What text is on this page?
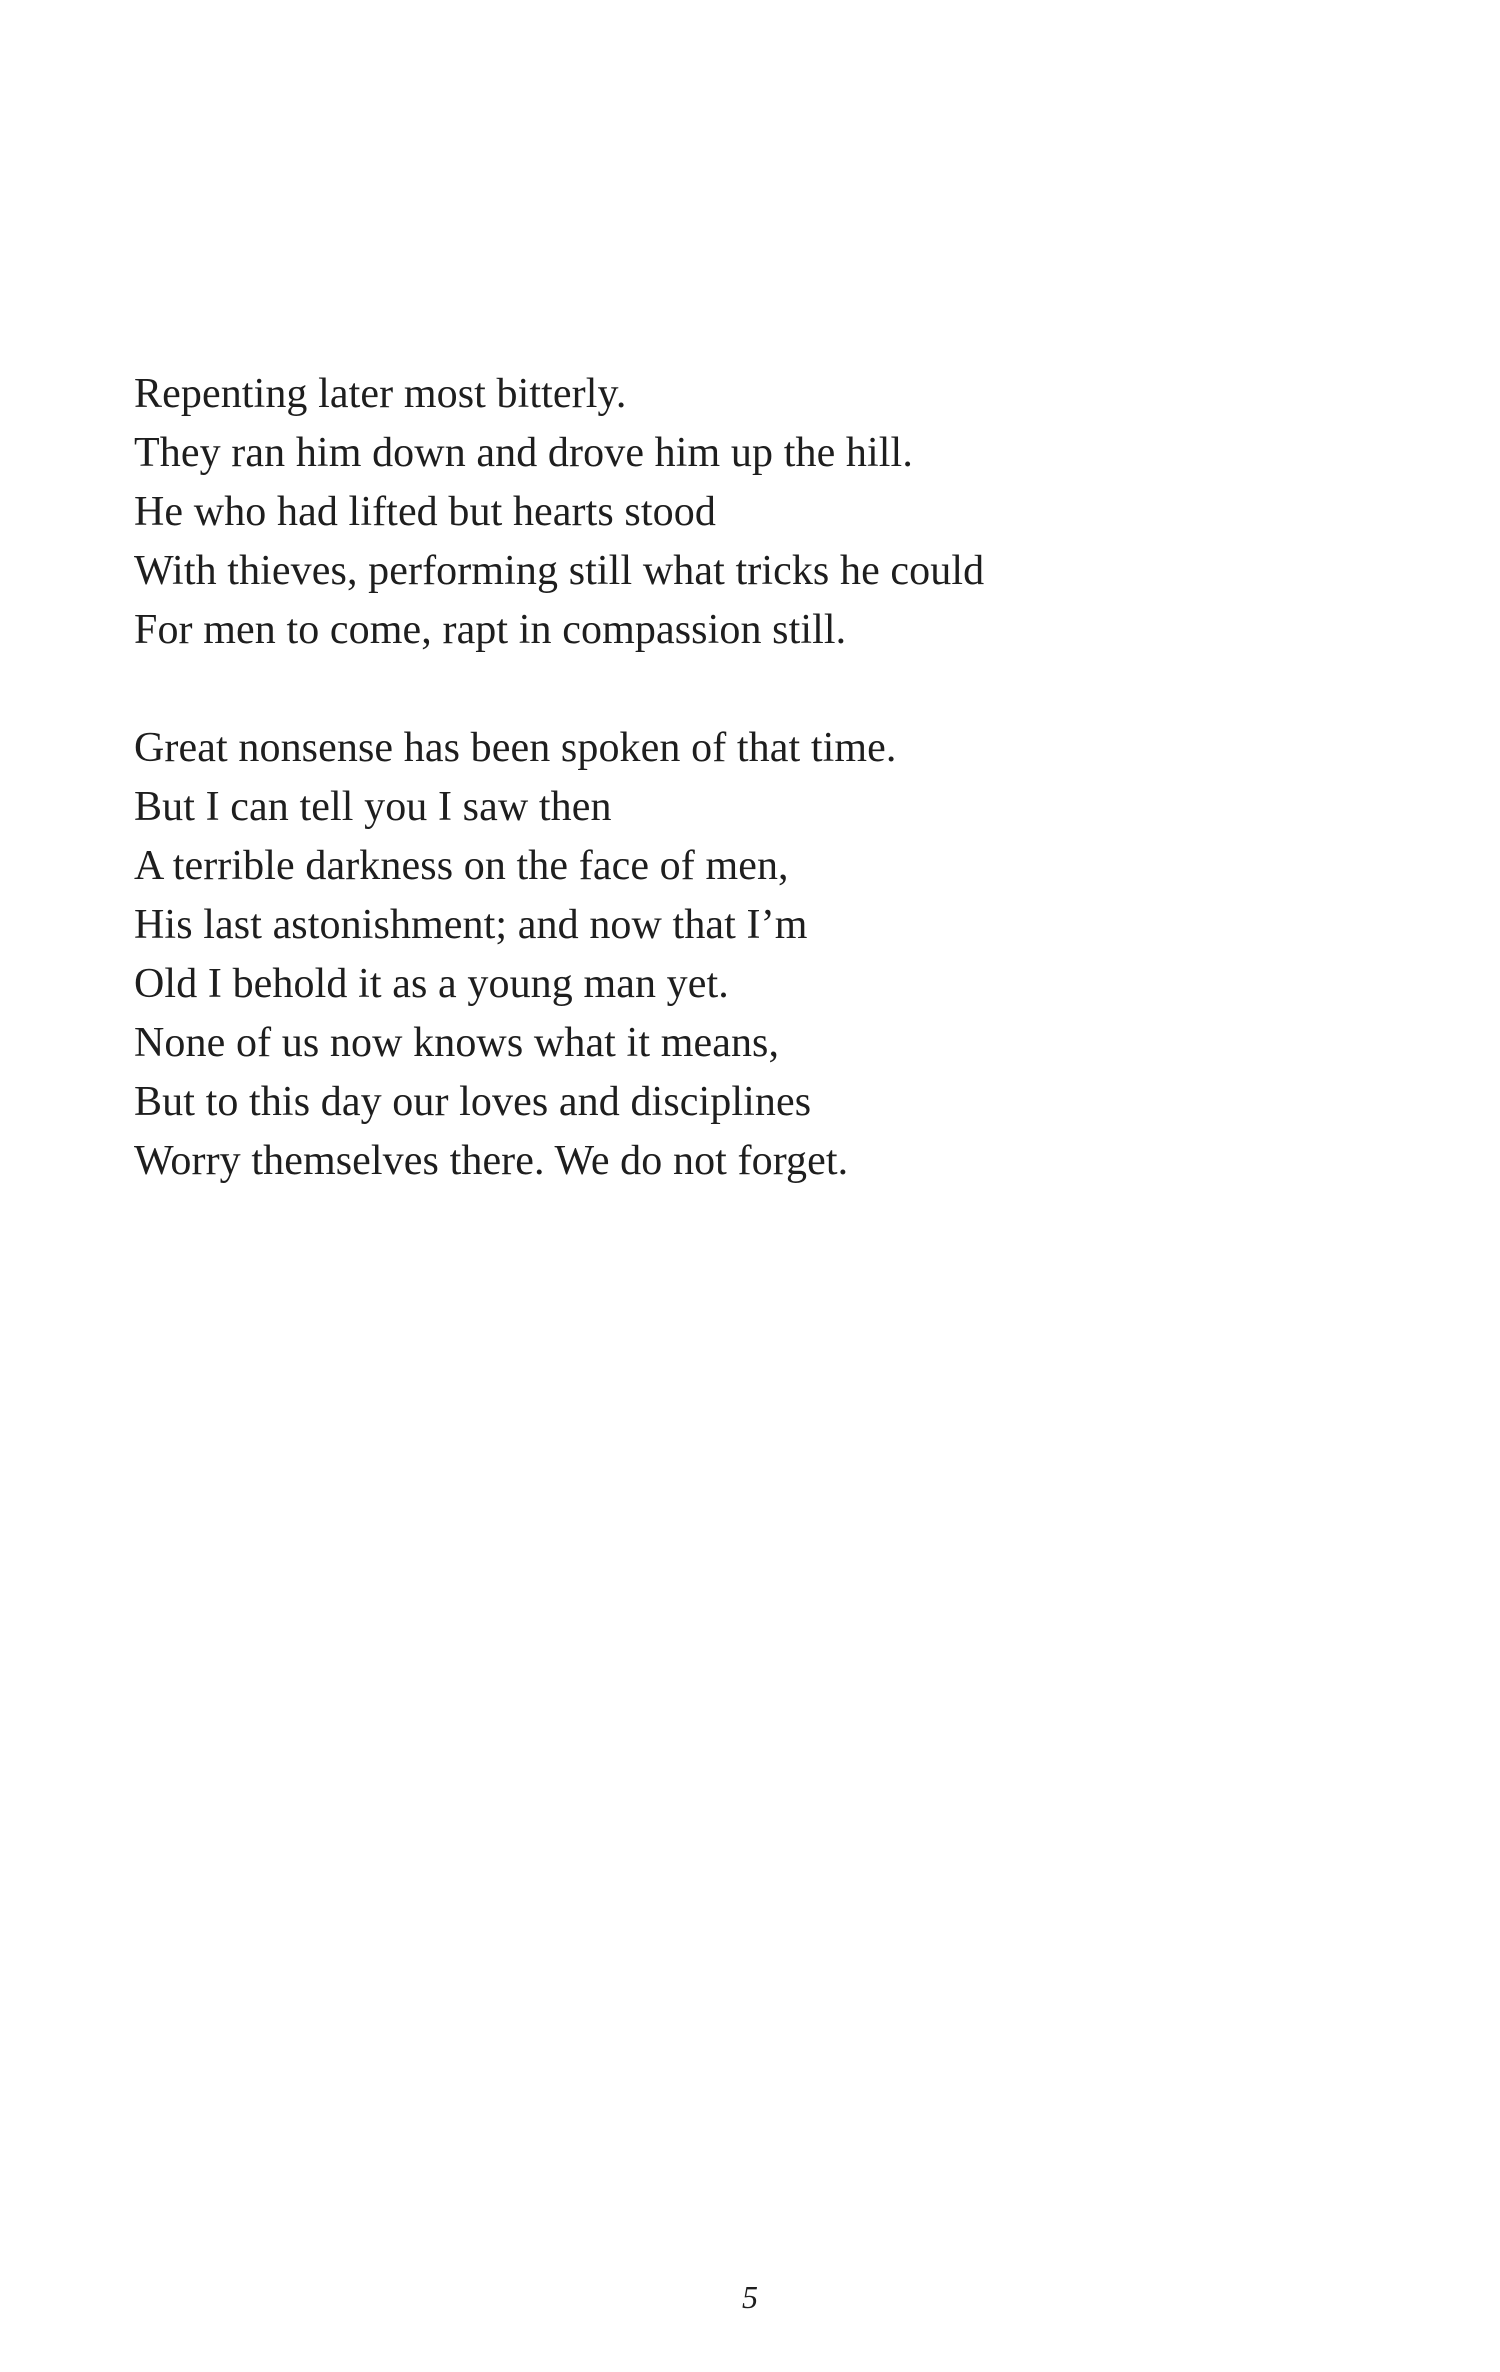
Repenting later most bitterly.
They ran him down and drove him up the hill.
He who had lifted but hearts stood
With thieves, performing still what tricks he could
For men to come, rapt in compassion still.
Great nonsense has been spoken of that time.
But I can tell you I saw then
A terrible darkness on the face of men,
His last astonishment; and now that I’m
Old I behold it as a young man yet.
None of us now knows what it means,
But to this day our loves and disciplines
Worry themselves there. We do not forget.
5
